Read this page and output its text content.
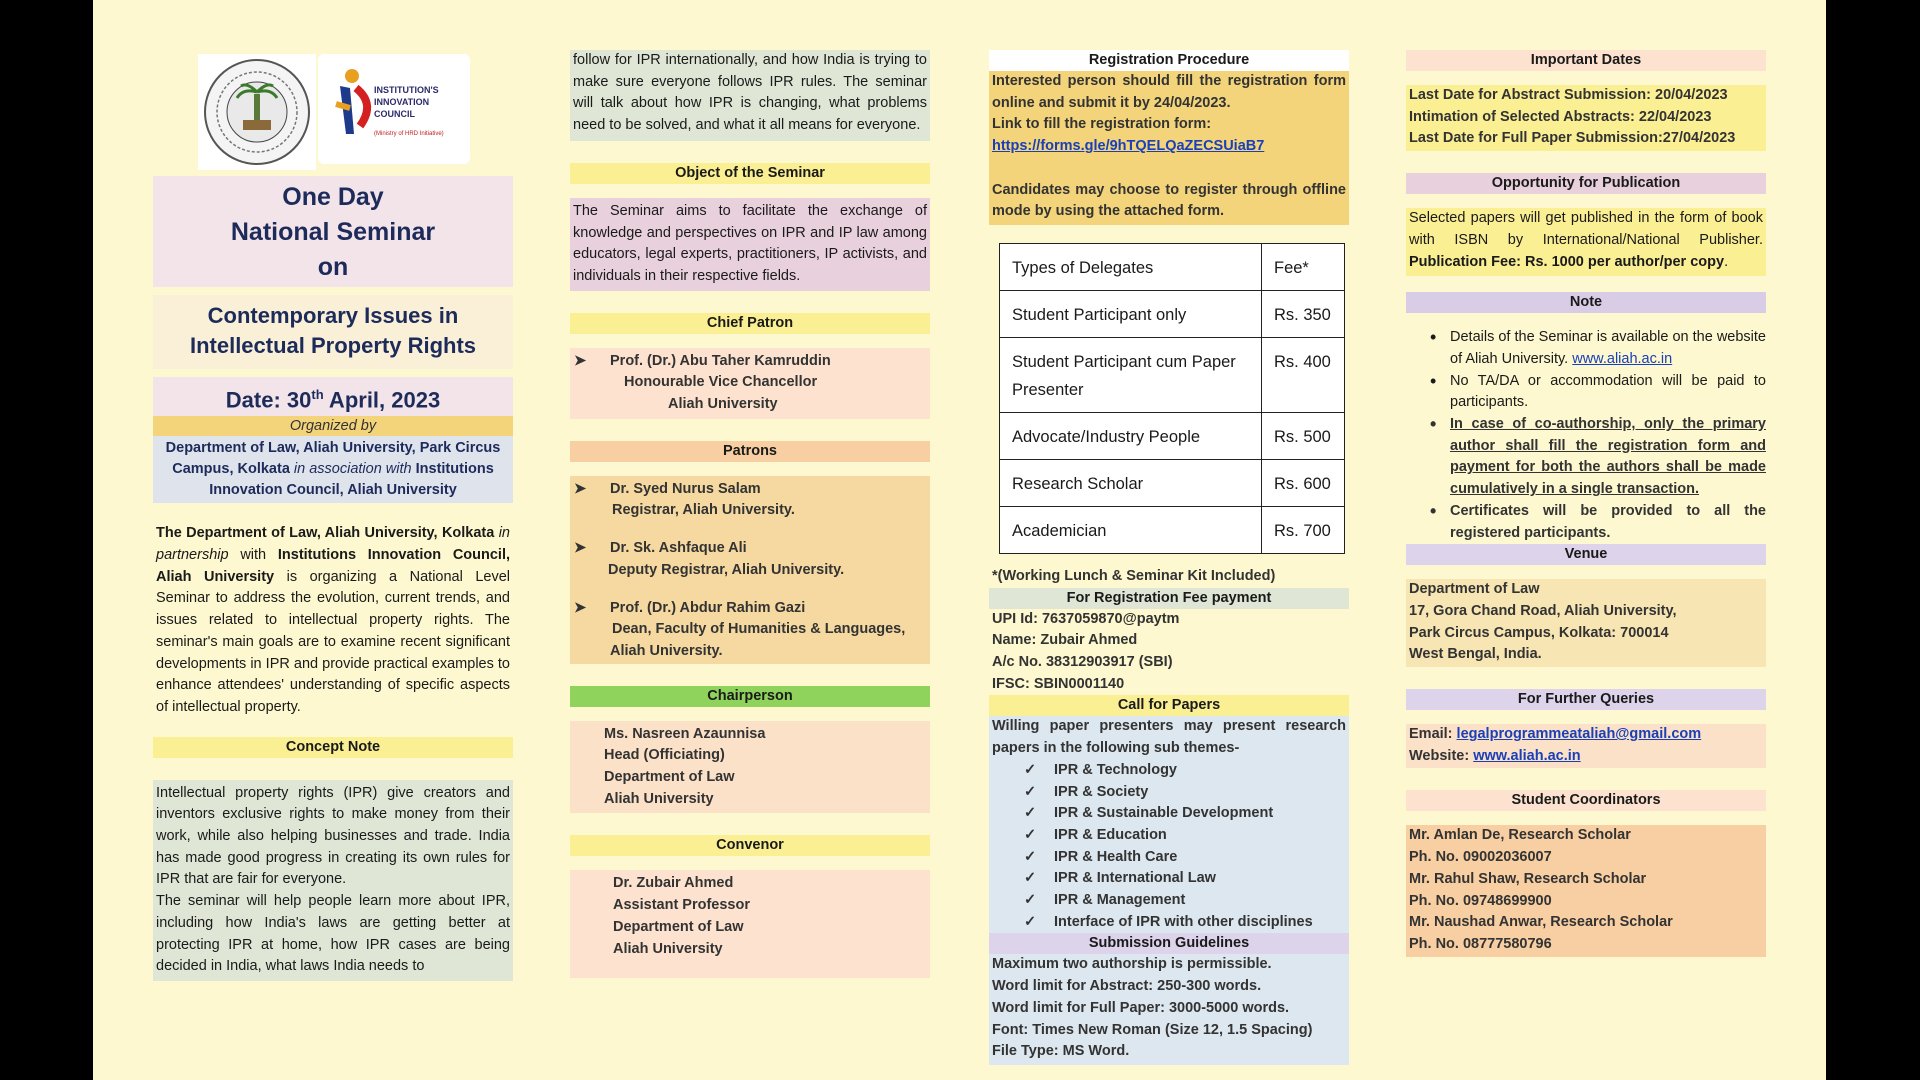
INSTITUTION'S INNOVATION COUNCIL
(Ministry of HRD Initiative)
One Day
National Seminar
on
Contemporary Issues in
Intellectual Property Rights
Date: 30th April, 2023
Organized by
Department of Law, Aliah University, Park Circus Campus, Kolkata in association with Institutions Innovation Council, Aliah University
The Department of Law, Aliah University, Kolkata in partnership with Institutions Innovation Council, Aliah University is organizing a National Level Seminar to address the evolution, current trends, and issues related to intellectual property rights. The seminar's main goals are to examine recent significant developments in IPR and provide practical examples to enhance attendees' understanding of specific aspects of intellectual property.
Concept Note
Intellectual property rights (IPR) give creators and inventors exclusive rights to make money from their work, while also helping businesses and trade. India has made good progress in creating its own rules for IPR that are fair for everyone.
The seminar will help people learn more about IPR, including how India's laws are getting better at protecting IPR at home, how IPR cases are being decided in India, what laws India needs to
follow for IPR internationally, and how India is trying to make sure everyone follows IPR rules. The seminar will talk about how IPR is changing, what problems need to be solved, and what it all means for everyone.
Object of the Seminar
The Seminar aims to facilitate the exchange of knowledge and perspectives on IPR and IP law among educators, legal experts, practitioners, IP activists, and individuals in their respective fields.
Chief Patron
➤ Prof. (Dr.) Abu Taher Kamruddin
Honourable Vice Chancellor
Aliah University
Patrons
➤ Dr. Syed Nurus Salam
Registrar, Aliah University.
➤ Dr. Sk. Ashfaque Ali
Deputy Registrar, Aliah University.
➤ Prof. (Dr.) Abdur Rahim Gazi
Dean, Faculty of Humanities & Languages,
Aliah University.
Chairperson
Ms. Nasreen Azaunnisa
Head (Officiating)
Department of Law
Aliah University
Convenor
Dr. Zubair Ahmed
Assistant Professor
Department of Law
Aliah University
Registration Procedure
Interested person should fill the registration form online and submit it by 24/04/2023.
Link to fill the registration form:
https://forms.gle/9hTQELQaZECSUiaB7
Candidates may choose to register through offline mode by using the attached form.
Types of Delegates	Fee*
Student Participant only	Rs. 350
Student Participant cum Paper Presenter	Rs. 400
Advocate/Industry People	Rs. 500
Research Scholar	Rs. 600
Academician	Rs. 700
*(Working Lunch & Seminar Kit Included)
For Registration Fee payment
UPI Id: 7637059870@paytm
Name: Zubair Ahmed
A/c No. 38312903917 (SBI)
IFSC: SBIN0001140
Call for Papers
Willing paper presenters may present research papers in the following sub themes-
✓ IPR & Technology
✓ IPR & Society
✓ IPR & Sustainable Development
✓ IPR & Education
✓ IPR & Health Care
✓ IPR & International Law
✓ IPR & Management
✓ Interface of IPR with other disciplines
Submission Guidelines
Maximum two authorship is permissible.
Word limit for Abstract: 250-300 words.
Word limit for Full Paper: 3000-5000 words.
Font: Times New Roman (Size 12, 1.5 Spacing)
File Type: MS Word.
Important Dates
Last Date for Abstract Submission: 20/04/2023
Intimation of Selected Abstracts: 22/04/2023
Last Date for Full Paper Submission:27/04/2023
Opportunity for Publication
Selected papers will get published in the form of book with ISBN by International/National Publisher. Publication Fee: Rs. 1000 per author/per copy.
Note
• Details of the Seminar is available on the website of Aliah University. www.aliah.ac.in
• No TA/DA or accommodation will be paid to participants.
• In case of co-authorship, only the primary author shall fill the registration form and payment for both the authors shall be made cumulatively in a single transaction.
• Certificates will be provided to all the registered participants.
Venue
Department of Law
17, Gora Chand Road, Aliah University,
Park Circus Campus, Kolkata: 700014
West Bengal, India.
For Further Queries
Email: legalprogrammeataliah@gmail.com
Website: www.aliah.ac.in
Student Coordinators
Mr. Amlan De, Research Scholar
Ph. No. 09002036007
Mr. Rahul Shaw, Research Scholar
Ph. No. 09748699900
Mr. Naushad Anwar, Research Scholar
Ph. No. 08777580796
